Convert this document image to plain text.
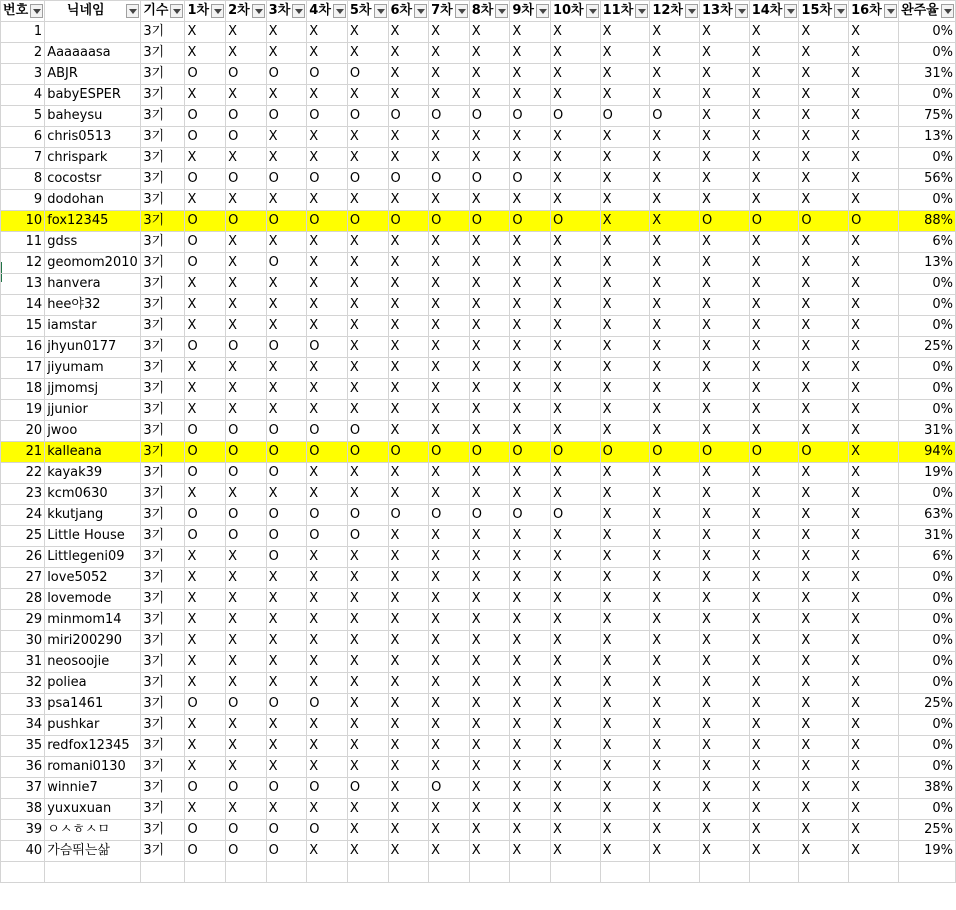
번호	닉네임	기수	1차	2차	3차	4차	5차	6차	7차	8차	9차	10차	11차	12차	13차	14차	15차	16차	완주율

1		3기	X	X	X	X	X	X	X	X	X	X	X	X	X	X	X	X	0%
2	Aaaaaasa	3기	X	X	X	X	X	X	X	X	X	X	X	X	X	X	X	X	0%
3	ABJR	3기	O	O	O	O	O	X	X	X	X	X	X	X	X	X	X	X	31%
4	babyESPER	3기	X	X	X	X	X	X	X	X	X	X	X	X	X	X	X	X	0%
5	baheysu	3기	O	O	O	O	O	O	O	O	O	O	O	O	X	X	X	X	75%
6	chris0513	3기	O	O	X	X	X	X	X	X	X	X	X	X	X	X	X	X	13%
7	chrispark	3기	X	X	X	X	X	X	X	X	X	X	X	X	X	X	X	X	0%
8	cocostsr	3기	O	O	O	O	O	O	O	O	O	X	X	X	X	X	X	X	56%
9	dodohan	3기	X	X	X	X	X	X	X	X	X	X	X	X	X	X	X	X	0%
10	fox12345	3기	O	O	O	O	O	O	O	O	O	O	X	X	O	O	O	O	88%
11	gdss	3기	O	X	X	X	X	X	X	X	X	X	X	X	X	X	X	X	6%
12	geomom2010	3기	O	X	O	X	X	X	X	X	X	X	X	X	X	X	X	X	13%
13	hanvera	3기	X	X	X	X	X	X	X	X	X	X	X	X	X	X	X	X	0%
14	hee야32	3기	X	X	X	X	X	X	X	X	X	X	X	X	X	X	X	X	0%
15	iamstar	3기	X	X	X	X	X	X	X	X	X	X	X	X	X	X	X	X	0%
16	jhyun0177	3기	O	O	O	O	X	X	X	X	X	X	X	X	X	X	X	X	25%
17	jiyumam	3기	X	X	X	X	X	X	X	X	X	X	X	X	X	X	X	X	0%
18	jjmomsj	3기	X	X	X	X	X	X	X	X	X	X	X	X	X	X	X	X	0%
19	jjunior	3기	X	X	X	X	X	X	X	X	X	X	X	X	X	X	X	X	0%
20	jwoo	3기	O	O	O	O	O	X	X	X	X	X	X	X	X	X	X	X	31%
21	kalleana	3기	O	O	O	O	O	O	O	O	O	O	O	O	O	O	O	X	94%
22	kayak39	3기	O	O	O	X	X	X	X	X	X	X	X	X	X	X	X	X	19%
23	kcm0630	3기	X	X	X	X	X	X	X	X	X	X	X	X	X	X	X	X	0%
24	kkutjang	3기	O	O	O	O	O	O	O	O	O	O	X	X	X	X	X	X	63%
25	Little House	3기	O	O	O	O	O	X	X	X	X	X	X	X	X	X	X	X	31%
26	Littlegeni09	3기	X	X	O	X	X	X	X	X	X	X	X	X	X	X	X	X	6%
27	love5052	3기	X	X	X	X	X	X	X	X	X	X	X	X	X	X	X	X	0%
28	lovemode	3기	X	X	X	X	X	X	X	X	X	X	X	X	X	X	X	X	0%
29	minmom14	3기	X	X	X	X	X	X	X	X	X	X	X	X	X	X	X	X	0%
30	miri200290	3기	X	X	X	X	X	X	X	X	X	X	X	X	X	X	X	X	0%
31	neosoojie	3기	X	X	X	X	X	X	X	X	X	X	X	X	X	X	X	X	0%
32	poliea	3기	X	X	X	X	X	X	X	X	X	X	X	X	X	X	X	X	0%
33	psa1461	3기	O	O	O	O	X	X	X	X	X	X	X	X	X	X	X	X	25%
34	pushkar	3기	X	X	X	X	X	X	X	X	X	X	X	X	X	X	X	X	0%
35	redfox12345	3기	X	X	X	X	X	X	X	X	X	X	X	X	X	X	X	X	0%
36	romani0130	3기	X	X	X	X	X	X	X	X	X	X	X	X	X	X	X	X	0%
37	winnie7	3기	O	O	O	O	O	X	O	X	X	X	X	X	X	X	X	X	38%
38	yuxuxuan	3기	X	X	X	X	X	X	X	X	X	X	X	X	X	X	X	X	0%
39	ㅇㅅㅎㅅㅁ	3기	O	O	O	O	X	X	X	X	X	X	X	X	X	X	X	X	25%
40	가슴뛰는삶	3기	O	O	O	X	X	X	X	X	X	X	X	X	X	X	X	X	19%
